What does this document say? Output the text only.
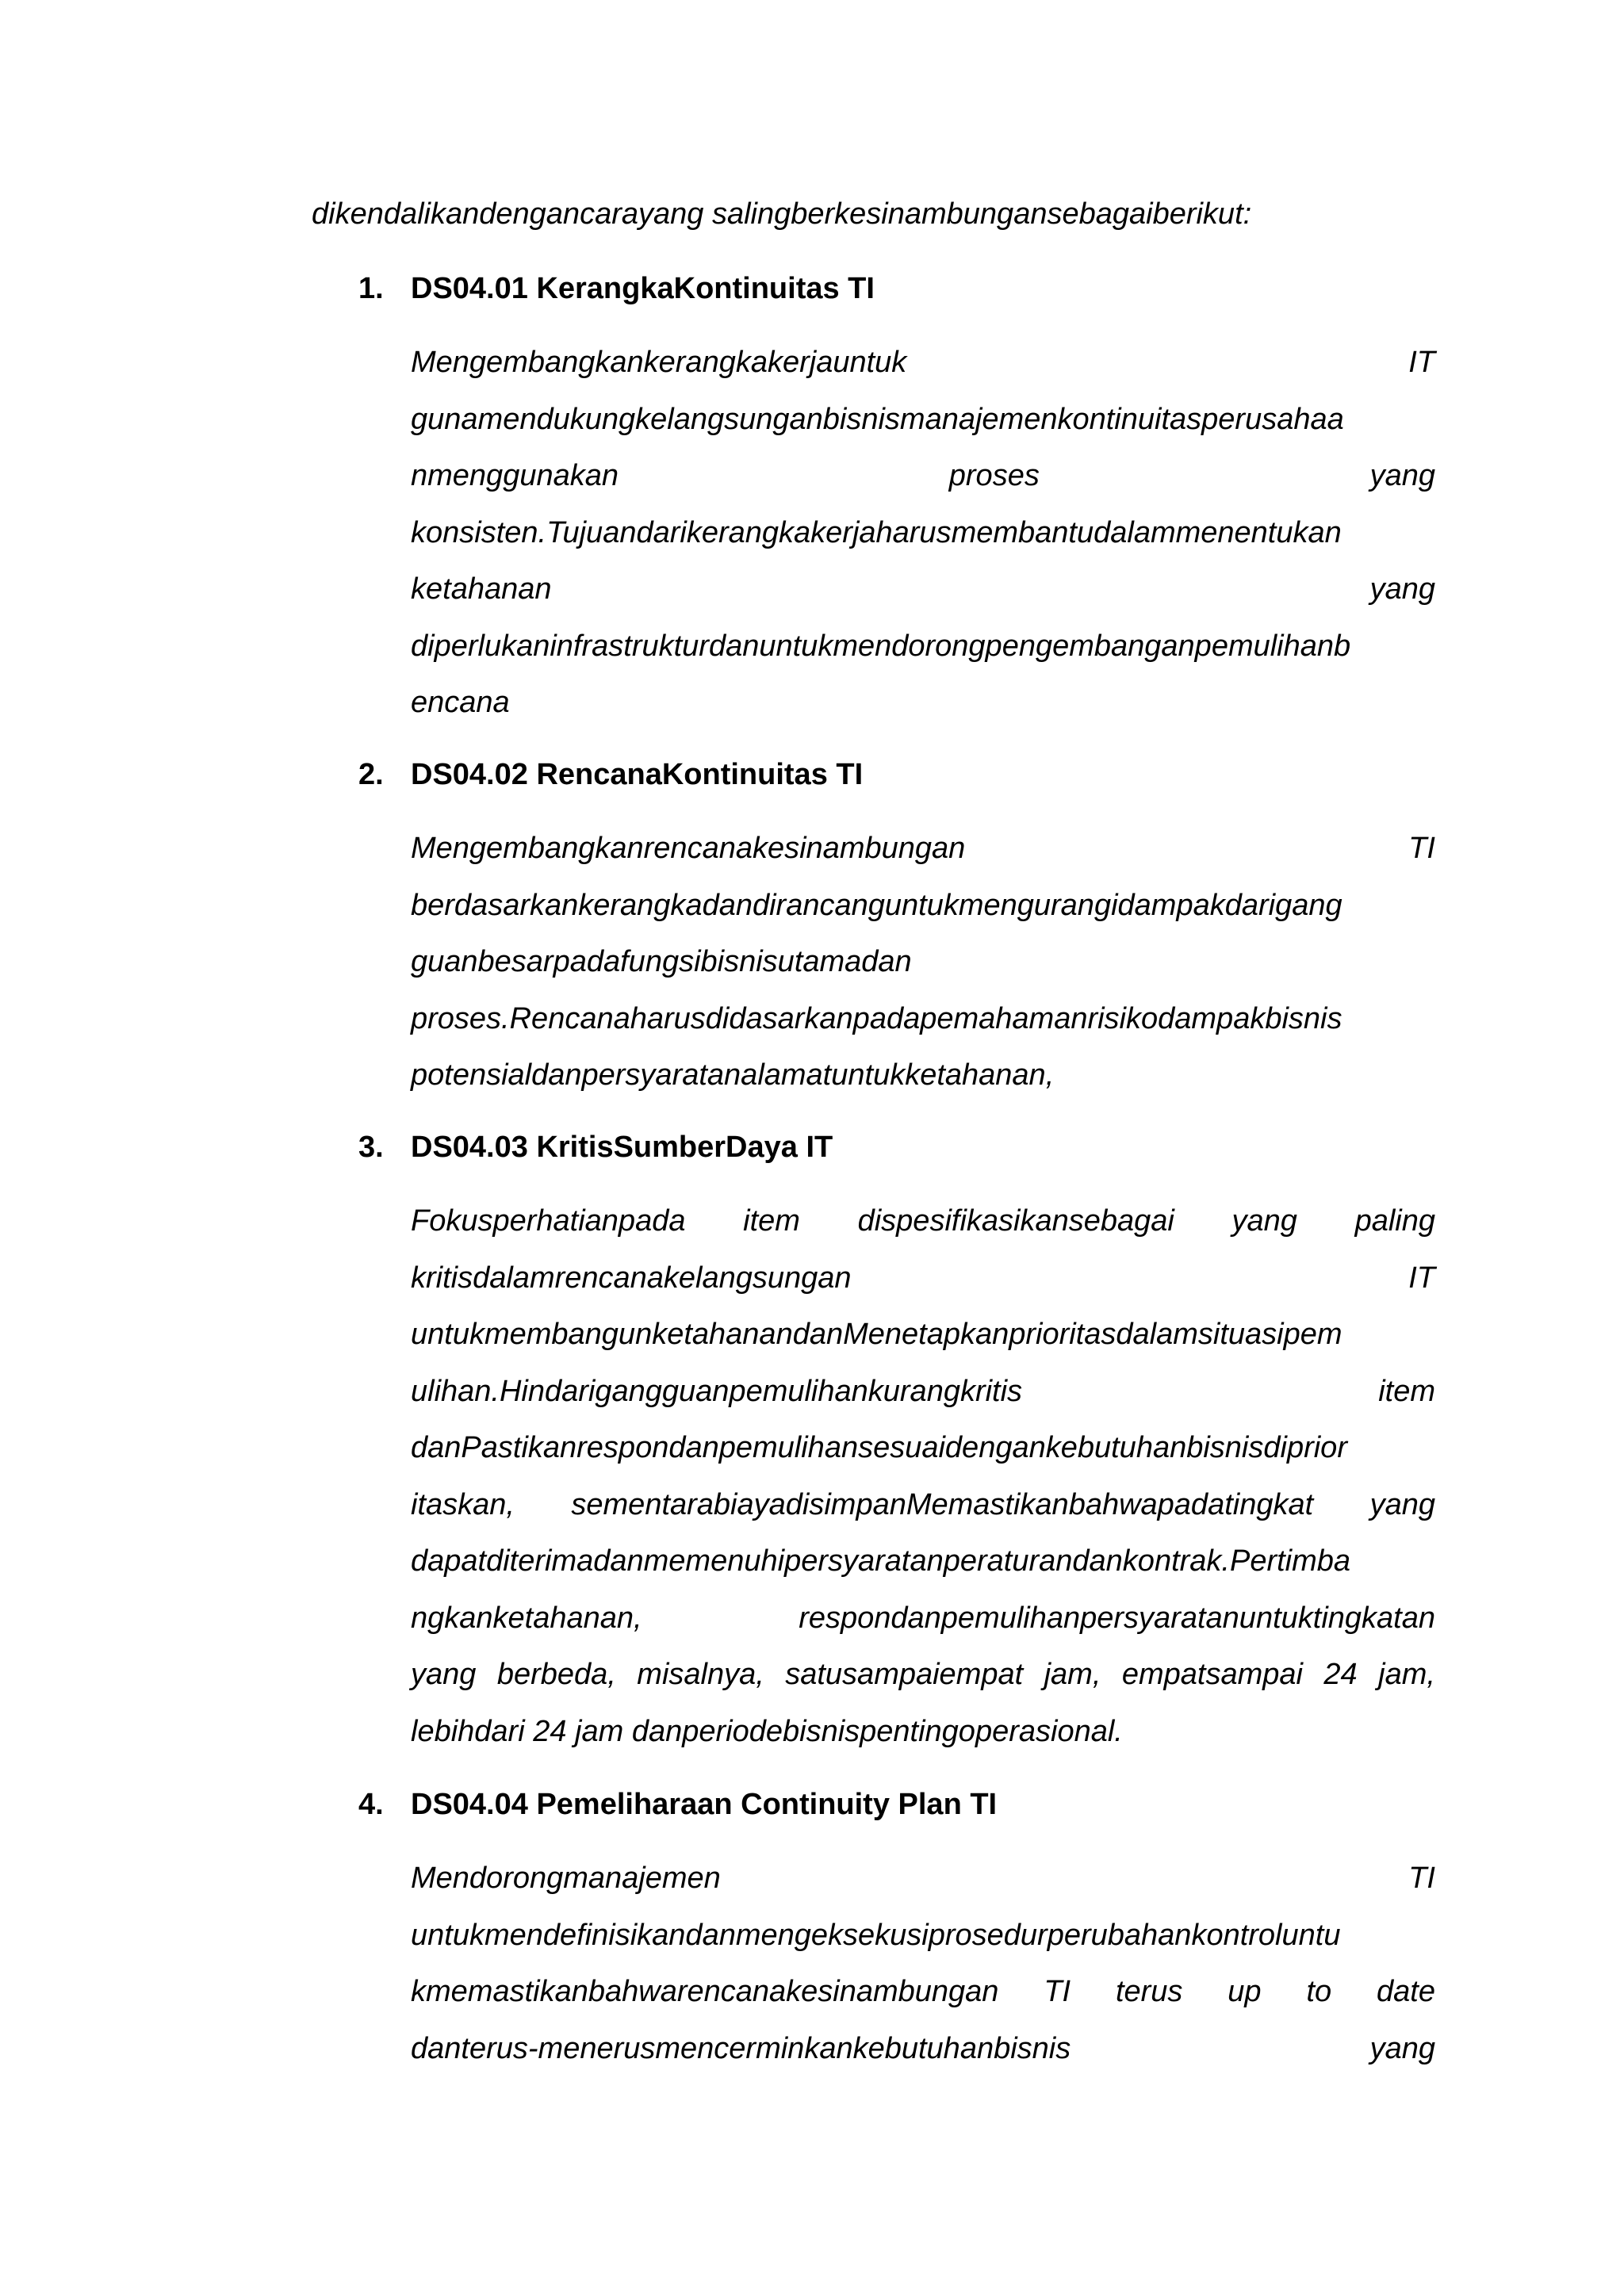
dikendalikandengancarayang salingberkesinambungansebagaiberikut:
1. DS04.01 KerangkaKontinuitas TI
Mengembangkankerangkakerjauntuk	IT
gunamendukungkelangsunganbisnismanajemenkontinuitasperusahaa
nmenggunakan	proses	yang
konsisten.Tujuandarikerangkakerjaharusmembantudalammenentukan
ketahanan	yang
diperlukaninfrastrukturdanuntukmendorongpengembanganpemulihanb
encana
2. DS04.02 RencanaKontinuitas TI
Mengembangkanrencanakesinambungan	TI
berdasarkankerangkadandirancanguntukmengurangidampakdarigang
guanbesarpadafungsibisnisutamadan
proses.Rencanaharusdidasarkanpadapemahamanrisikodampakbisnis
potensialdanpersyaratanalamatuntukketahanan,
3. DS04.03 KritisSumberDaya IT
Fokusperhatianpada item dispesifikasikansebagai yang paling
kritisdalamrencanakelangsungan	IT
untukmembangunketahanandanMenetapkanprioritasdalamsituasipem
ulihan.Hindarigangguanpemulihankurangkritis	item
danPastikanrespondanpemulihansesuaidengankebutuhanbisnisdiprior
itaskan, sementarabiayadisimpanMemastikanbahwapadatingkat yang
dapatditerimadanmemenuhipersyaratanperaturandankontrak.Pertimba
ngkanketahanan,	respondanpemulihanpersyaratanuntuktingkatan
yang berbeda, misalnya, satusampaiempat jam, empatsampai 24 jam,
lebihdari 24 jam danperiodebisnispentingoperasional.
4. DS04.04 Pemeliharaan Continuity Plan TI
Mendorongmanajemen	TI
untukmendefinisikandanmengeksekusiprosedurperubahankontroluntu
kmemastikanbahwarencanakesinambungan TI terus up to date
danterus-menerusmencerminkankebutuhanbisnis	yang
